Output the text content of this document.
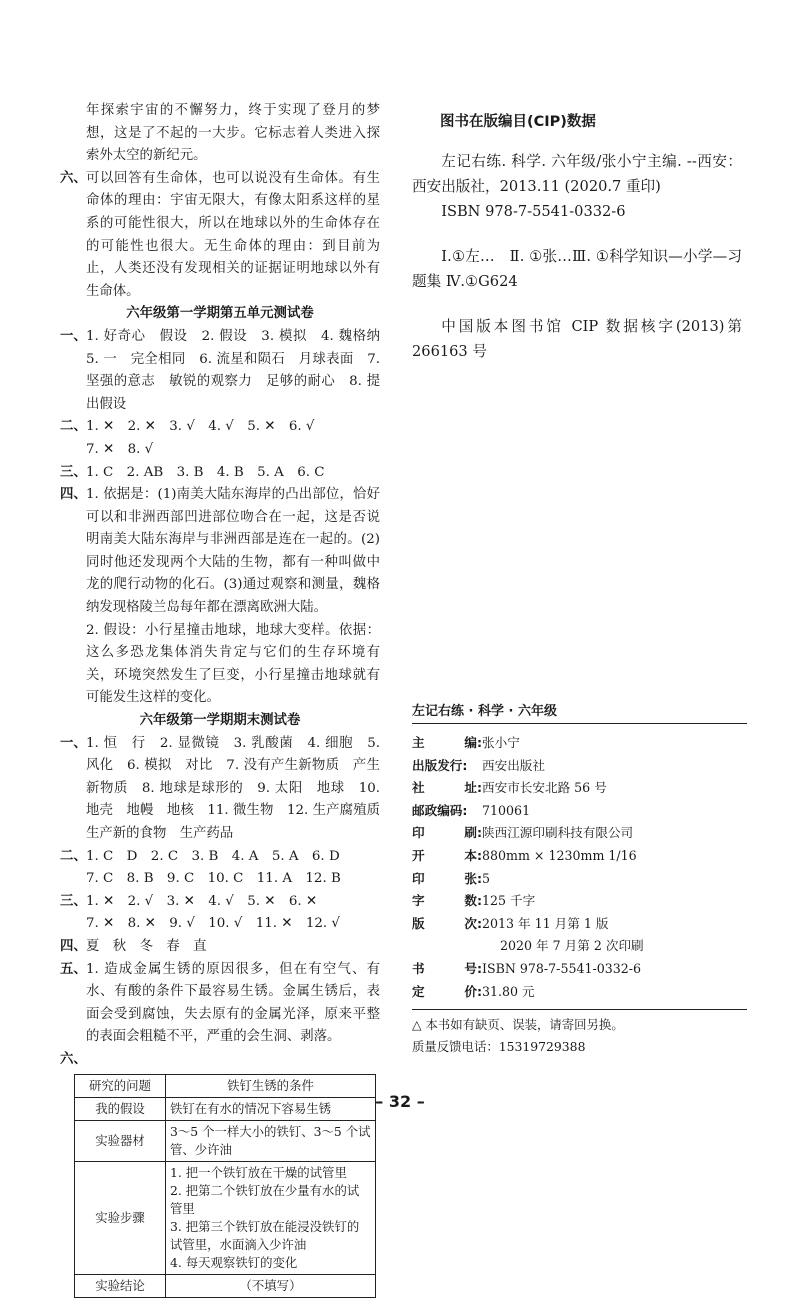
年探索宇宙的不懈努力，终于实现了登月的梦想，这是了不起的一大步。它标志着人类进入探索外太空的新纪元。

六、 可以回答有生命体，也可以说没有生命体。有生命体的理由：宇宙无限大，有像太阳系这样的星系的可能性很大，所以在地球以外的生命体存在的可能性也很大。无生命体的理由：到目前为止，人类还没有发现相关的证据证明地球以外有生命体。

六年级第一学期第五单元测试卷

一、 1. 好奇心　假设　2. 假设　3. 模拟　4. 魏格纳　5. 一　完全相同　6. 流星和陨石　月球表面　7. 坚强的意志　敏锐的观察力　足够的耐心　8. 提出假设
二、 1. ✕　2. ✕　3. √　4. √　5. ✕　6. √
7. ✕　8. √
三、 1. C　2. AB　3. B　4. B　5. A　6. C
四、 1. 依据是：(1)南美大陆东海岸的凸出部位，恰好可以和非洲西部凹进部位吻合在一起，这是否说明南美大陆东海岸与非洲西部是连在一起的。(2)同时他还发现两个大陆的生物，都有一种叫做中龙的爬行动物的化石。(3)通过观察和测量，魏格纳发现格陵兰岛每年都在漂离欧洲大陆。

2. 假设：小行星撞击地球，地球大变样。依据：这么多恐龙集体消失肯定与它们的生存环境有关，环境突然发生了巨变，小行星撞击地球就有可能发生这样的变化。

六年级第一学期期末测试卷

一、 1. 恒　行　2. 显微镜　3. 乳酸菌　4. 细胞　5. 风化　6. 模拟　对比　7. 没有产生新物质　产生新物质　8. 地球是球形的　9. 太阳　地球　10. 地壳　地幔　地核　11. 微生物　12. 生产腐殖质　生产新的食物　生产药品
二、 1. C　D　2. C　3. B　4. A　5. A　6. D
7. C　8. B　9. C　10. C　11. A　12. B
三、 1. ✕　2. √　3. ✕　4. √　5. ✕　6. ✕
7. ✕　8. ✕　9. √　10. √　11. ✕　12. √
四、 夏　秋　冬　春　直
五、 1. 造成金属生锈的原因很多，但在有空气、有水、有酸的条件下最容易生锈。金属生锈后，表面会受到腐蚀，失去原有的金属光泽，原来平整的表面会粗糙不平，严重的会生洞、剥落。
六、
研究的问题	铁钉生锈的条件
我的假设	铁钉在有水的情况下容易生锈
实验器材	3～5 个一样大小的铁钉、3～5 个试管、少许油
实验步骤	1. 把一个铁钉放在干燥的试管里
2. 把第二个铁钉放在少量有水的试管里
3. 把第三个铁钉放在能浸没铁钉的试管里，水面滴入少许油
4. 每天观察铁钉的变化

实验结论	（不填写）

图书在版编目(CIP)数据

左记右练. 科学. 六年级/张小宁主编. --西安：西安出版社，2013.11 (2020.7 重印)

ISBN 978-7-5541-0332-6

Ⅰ.①左…　Ⅱ. ①张…Ⅲ. ①科学知识—小学—习题集 Ⅳ.①G624

中国版本图书馆 CIP 数据核字(2013)第 266163 号

左记右练 · 科学 · 六年级
主	编: 张小宁
出版发行: 西安出版社
社	址: 西安市长安北路 56 号
邮政编码: 710061
印	刷: 陕西江源印刷科技有限公司
开	本: 880mm × 1230mm 1/16
印	张: 5
字	数: 125 千字
版	次: 2013 年 11 月第 1 版
2020 年 7 月第 2 次印刷
书	号: ISBN 978-7-5541-0332-6
定	价: 31.80 元
△ 本书如有缺页、误装，请寄回另换。
质量反馈电话：15319729388
– 32 –
